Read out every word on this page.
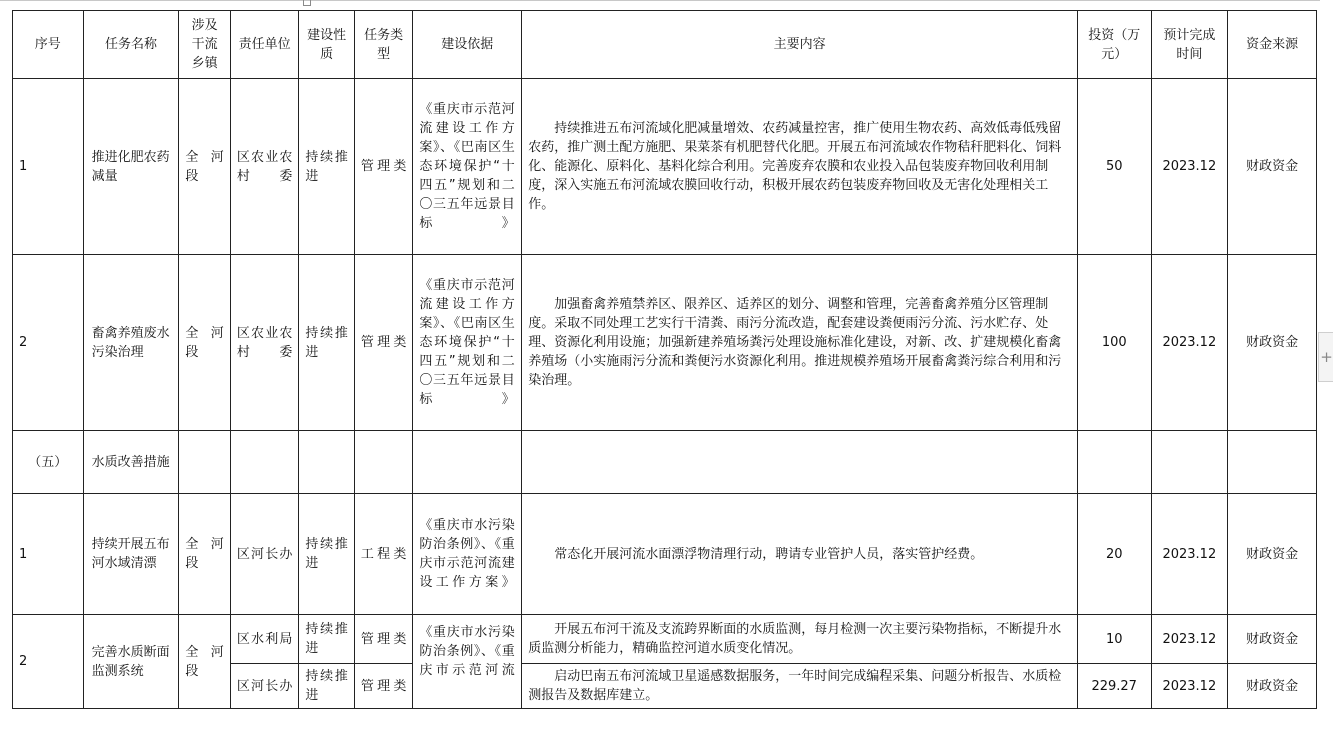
序号	任务名称	涉及干流乡镇	责任单位	建设性质	任务类型	建设依据	主要内容	投资（万元）	预计完成时间	资金来源
1	推进化肥农药减量	全河段	区农业农村委	持续推进	管理类	《重庆市示范河流建设工作方案》、《巴南区生态环境保护“十四五”规划和二〇三五年远景目标》	持续推进五布河流域化肥减量增效、农药减量控害，推广使用生物农药、高效低毒低残留农药，推广测土配方施肥、果菜茶有机肥替代化肥。开展五布河流域农作物秸秆肥料化、饲料化、能源化、原料化、基料化综合利用。完善废弃农膜和农业投入品包装废弃物回收利用制度，深入实施五布河流域农膜回收行动，积极开展农药包装废弃物回收及无害化处理相关工作。	50	2023.12	财政资金
2	畜禽养殖废水污染治理	全河段	区农业农村委	持续推进	管理类	《重庆市示范河流建设工作方案》、《巴南区生态环境保护“十四五”规划和二〇三五年远景目标》	加强畜禽养殖禁养区、限养区、适养区的划分、调整和管理，完善畜禽养殖分区管理制度。采取不同处理工艺实行干清粪、雨污分流改造，配套建设粪便雨污分流、污水贮存、处理、资源化利用设施；加强新建养殖场粪污处理设施标准化建设，对新、改、扩建规模化畜禽养殖场（小实施雨污分流和粪便污水资源化利用。推进规模养殖场开展畜禽粪污综合利用和污染治理。	100	2023.12	财政资金
（五）	水质改善措施									
1	持续开展五布河水域清漂	全河段	区河长办	持续推进	工程类	《重庆市水污染防治条例》、《重庆市示范河流建设工作方案》	常态化开展河流水面漂浮物清理行动，聘请专业管护人员，落实管护经费。	20	2023.12	财政资金
2	完善水质断面监测系统	全河段	区水利局	持续推进	管理类	《重庆市水污染防治条例》、《重庆市示范河流	开展五布河干流及支流跨界断面的水质监测，每月检测一次主要污染物指标，不断提升水质监测分析能力，精确监控河道水质变化情况。	10	2023.12	财政资金
			区河长办	持续推进	管理类		启动巴南五布河流域卫星遥感数据服务，一年时间完成编程采集、问题分析报告、水质检测报告及数据库建立。	229.27	2023.12	财政资金
+
